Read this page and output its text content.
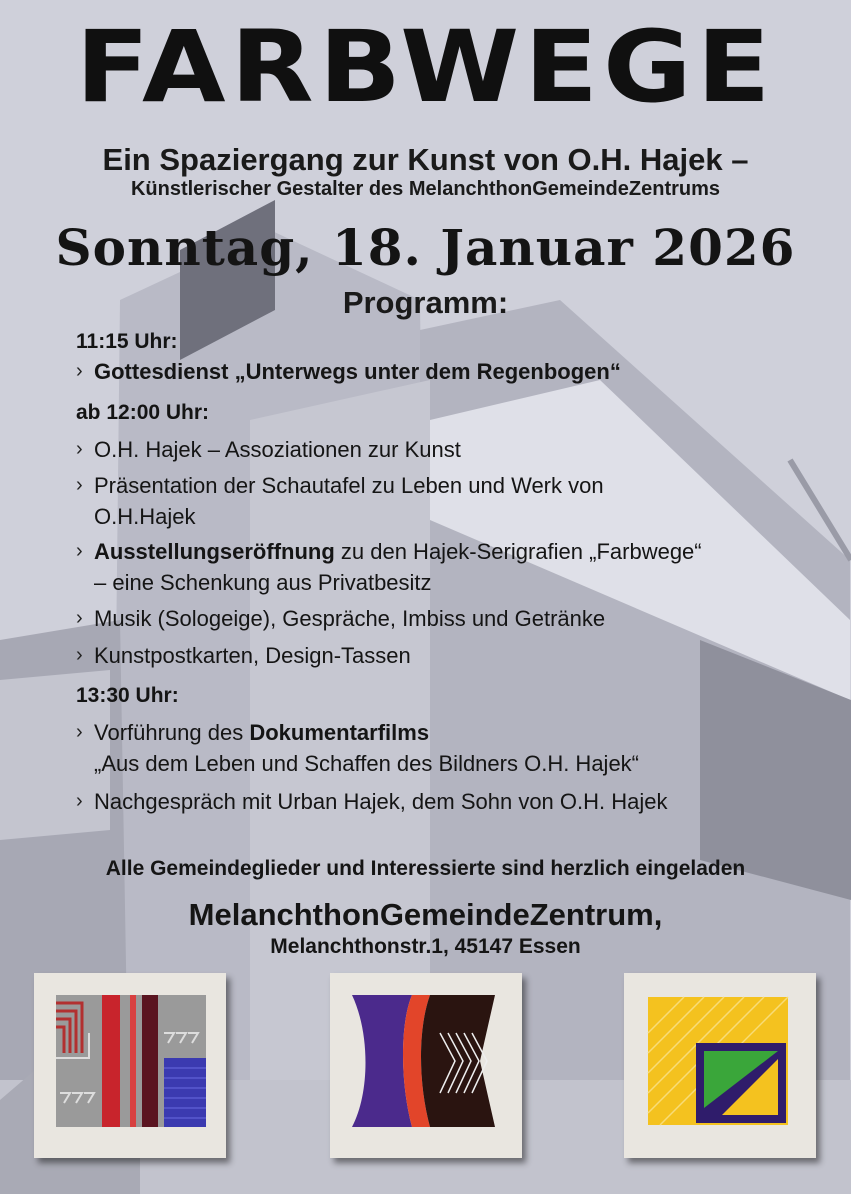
FARBWEGE
Ein Spaziergang zur Kunst von O.H. Hajek –
Künstlerischer Gestalter des MelanchthonGemeindeZentrums
Sonntag, 18. Januar 2026
Programm:
11:15 Uhr:
› Gottesdienst „Unterwegs unter dem Regenbogen“
ab 12:00 Uhr:
› O.H. Hajek – Assoziationen zur Kunst
› Präsentation der Schautafel zu Leben und Werk von
O.H.Hajek
› Ausstellungseröffnung zu den Hajek-Serigrafien „Farbwege“
– eine Schenkung aus Privatbesitz
› Musik (Sologeige), Gespräche, Imbiss und Getränke
› Kunstpostkarten, Design-Tassen
13:30 Uhr:
› Vorführung des Dokumentarfilms
„Aus dem Leben und Schaffen des Bildners O.H. Hajek“
› Nachgespräch mit Urban Hajek, dem Sohn von O.H. Hajek
Alle Gemeindeglieder und Interessierte sind herzlich eingeladen
MelanchthonGemeindeZentrum,
Melanchthonstr.1, 45147 Essen
